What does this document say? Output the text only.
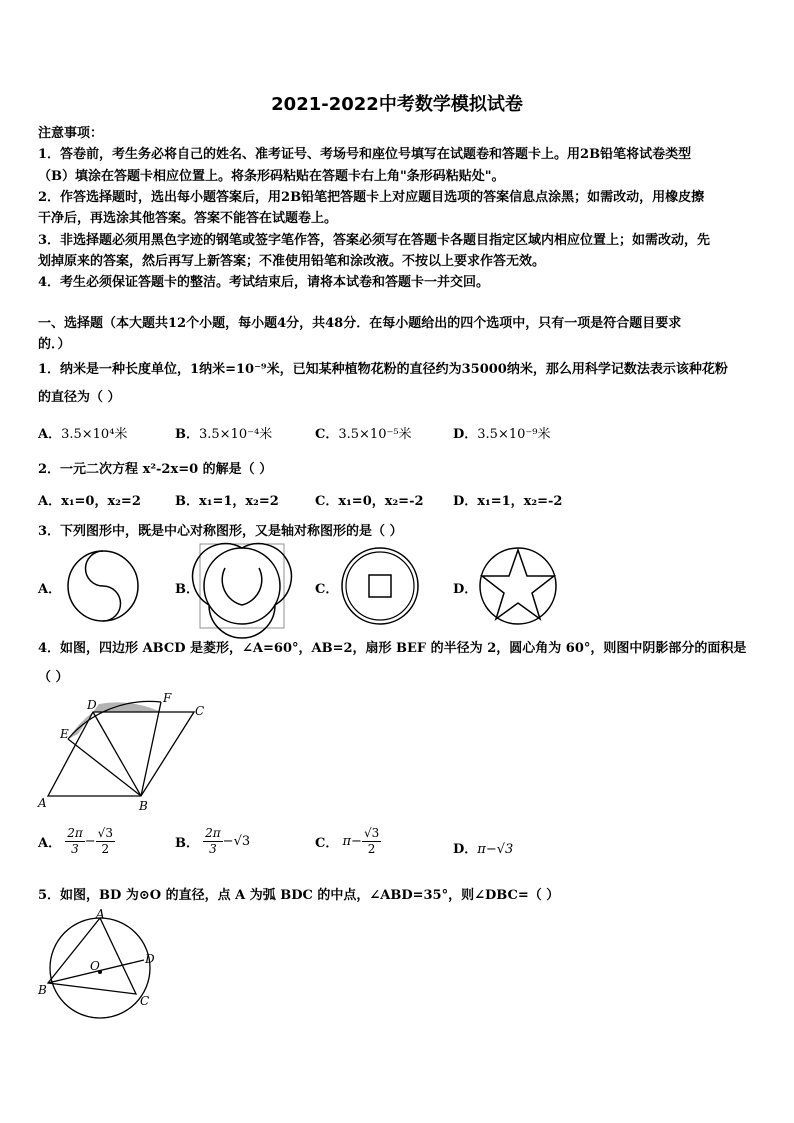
2021-2022中考数学模拟试卷
注意事项：
1．答卷前，考生务必将自己的姓名、准考证号、考场号和座位号填写在试题卷和答题卡上。用2B铅笔将试卷类型
（B）填涂在答题卡相应位置上。将条形码粘贴在答题卡右上角"条形码粘贴处"。
2．作答选择题时，选出每小题答案后，用2B铅笔把答题卡上对应题目选项的答案信息点涂黑；如需改动，用橡皮擦
干净后，再选涂其他答案。答案不能答在试题卷上。
3．非选择题必须用黑色字迹的钢笔或签字笔作答，答案必须写在答题卡各题目指定区域内相应位置上；如需改动，先
划掉原来的答案，然后再写上新答案；不准使用铅笔和涂改液。不按以上要求作答无效。
4．考生必须保证答题卡的整洁。考试结束后，请将本试卷和答题卡一并交回。
一、选择题（本大题共12个小题，每小题4分，共48分．在每小题给出的四个选项中，只有一项是符合题目要求
的．）
1．纳米是一种长度单位，1纳米=10⁻⁹米，已知某种植物花粉的直径约为35000纳米，那么用科学记数法表示该种花粉
的直径为（ ）
A．3.5×10⁴米	B．3.5×10⁻⁴米	C．3.5×10⁻⁵米	D．3.5×10⁻⁹米
2．一元二次方程 x²-2x=0 的解是（ ）
A．x₁=0，x₂=2	B．x₁=1，x₂=2	C．x₁=0，x₂=-2 D．x₁=1，x₂=-2
3．下列图形中，既是中心对称图形，又是轴对称图形的是（ ）
A．	B．	C．	D．
4．如图，四边形 ABCD 是菱形，∠A=60°，AB=2，扇形 BEF 的半径为 2，圆心角为 60°，则图中阴影部分的面积是
（ ）
A	B
C
D
E
F
A． $\frac{2\pi}{3} - \frac{√3}{2}$	B． $\frac{2\pi}{3} -√3$	C． $\pi- \frac{√3}{2}$	D．π−√3
5．如图，BD 为⊙O 的直径，点 A 为弧 BDC 的中点，∠ABD=35°，则∠DBC=（ ）
A
B
C
D
O
